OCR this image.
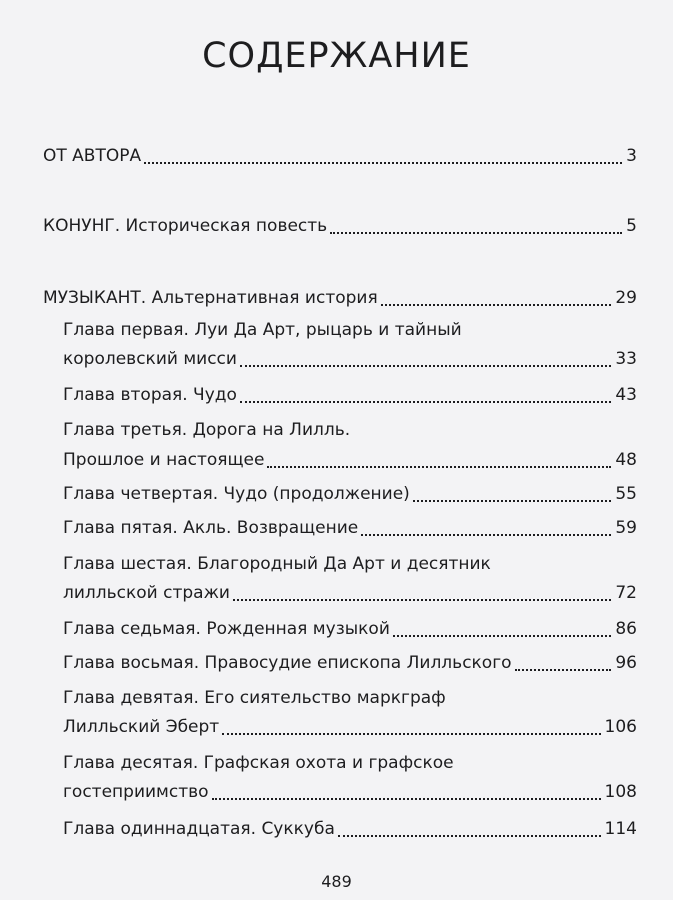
СОДЕРЖАНИЕ
ОТ АВТОРА	3
КОНУНГ. Историческая повесть	5
МУЗЫКАНТ. Альтернативная история	29
Глава первая. Луи Да Арт, рыцарь и тайный
королевский мисси	33
Глава вторая. Чудо	43
Глава третья. Дорога на Лилль.
Прошлое и настоящее	48
Глава четвертая. Чудо (продолжение)	55
Глава пятая. Акль. Возвращение	59
Глава шестая. Благородный Да Арт и десятник
лилльской стражи	72
Глава седьмая. Рожденная музыкой	86
Глава восьмая. Правосудие епископа Лилльского	96
Глава девятая. Его сиятельство маркграф
Лилльский Эберт	106
Глава десятая. Графская охота и графское
гостеприимство	108
Глава одиннадцатая. Суккуба	114
489
